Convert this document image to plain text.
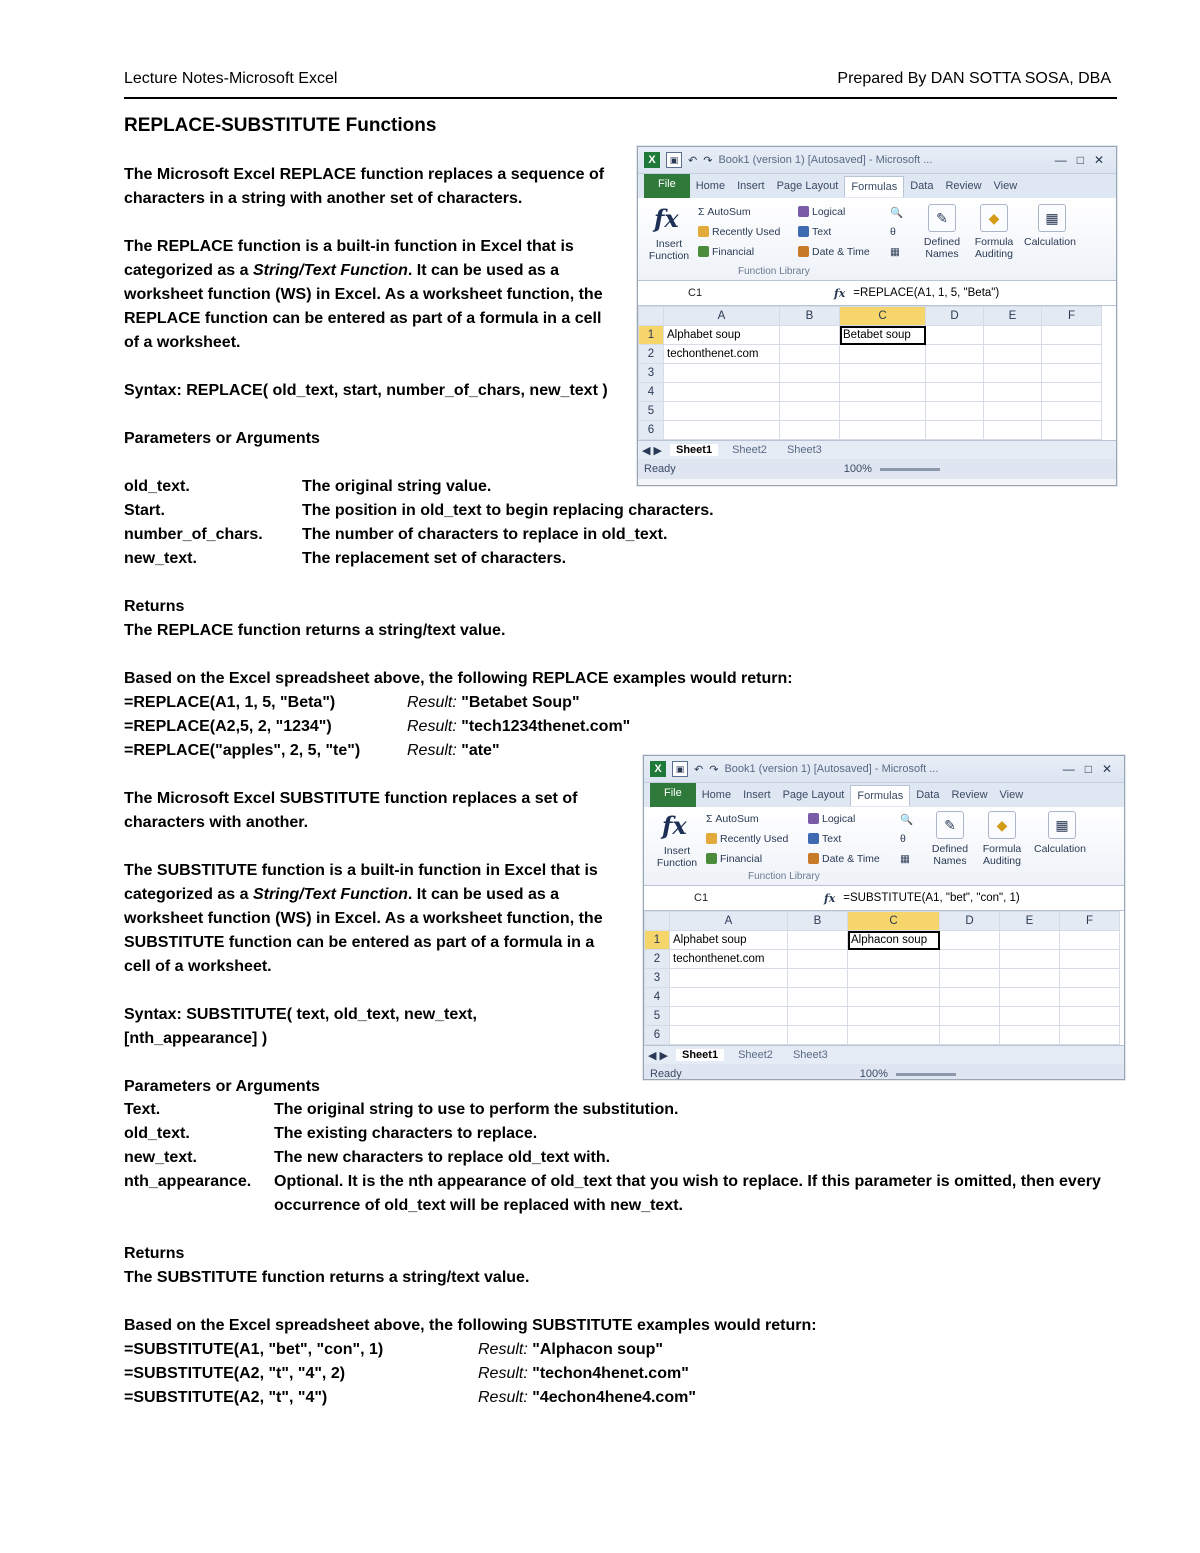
Lecture Notes-Microsoft Excel	Prepared By DAN SOTTA SOSA, DBA
REPLACE-SUBSTITUTE Functions

The Microsoft Excel REPLACE function replaces a sequence of characters in a string with another set of characters.

The REPLACE function is a built-in function in Excel that is categorized as a String/Text Function. It can be used as a worksheet function (WS) in Excel. As a worksheet function, the REPLACE function can be entered as part of a formula in a cell of a worksheet.

Syntax: REPLACE( old_text, start, number_of_chars, new_text )

Parameters or Arguments

old_text.	The original string value.
Start.	The position in old_text to begin replacing characters.
number_of_chars.	The number of characters to replace in old_text.
new_text.	The replacement set of characters.

Returns

The REPLACE function returns a string/text value.

Based on the Excel spreadsheet above, the following REPLACE examples would return:

=REPLACE(A1, 1, 5, "Beta")	Result: "Betabet Soup"
=REPLACE(A2,5, 2, "1234")	Result: "tech1234thenet.com"
=REPLACE("apples", 2, 5, "te")	Result: "ate"

The Microsoft Excel SUBSTITUTE function replaces a set of characters with another.

The SUBSTITUTE function is a built-in function in Excel that is categorized as a String/Text Function. It can be used as a worksheet function (WS) in Excel. As a worksheet function, the SUBSTITUTE function can be entered as part of a formula in a cell of a worksheet.

Syntax: SUBSTITUTE( text, old_text, new_text,

[nth_appearance] )

Parameters or Arguments

Text.	The original string to use to perform the substitution.
old_text.	The existing characters to replace.
new_text.	The new characters to replace old_text with.
nth_appearance.	Optional. It is the nth appearance of old_text that you wish to replace. If this parameter is omitted, then every occurrence of old_text will be replaced with new_text.

Returns

The SUBSTITUTE function returns a string/text value.

Based on the Excel spreadsheet above, the following SUBSTITUTE examples would return:

=SUBSTITUTE(A1, "bet", "con", 1)	Result: "Alphacon soup"
=SUBSTITUTE(A2, "t", "4", 2)	Result: "techon4henet.com"
=SUBSTITUTE(A2, "t", "4")	Result: "4echon4hene4.com"
X	▣ ↶ ↷ Book1 (version 1) [Autosaved] - Microsoft ...	— □ ✕
File	Home	Insert	Page Layout	Formulas	Data	Review	View
fx
Insert Function
Σ AutoSum
Recently Used
Financial
Logical
Text
Date & Time
🔍
θ
▦
✎
Defined Names
◆
Formula Auditing
▦
Calculation
Function Library
C1	fx =REPLACE(A1, 1, 5, "Beta")
	A	B	C	D	E	F
1	Alphabet soup		Betabet soup			
2	techonthenet.com					
3						
4						
5						
6						
◀ ▶	Sheet1	Sheet2	Sheet3
Ready	100%
X	▣ ↶ ↷ Book1 (version 1) [Autosaved] - Microsoft ...	— □ ✕
File	Home	Insert	Page Layout	Formulas	Data	Review	View
fx
Insert Function
Σ AutoSum
Recently Used
Financial
Logical
Text
Date & Time
🔍
θ
▦
✎
Defined Names
◆
Formula Auditing
▦
Calculation
Function Library
C1	fx =SUBSTITUTE(A1, "bet", "con", 1)
	A	B	C	D	E	F
1	Alphabet soup		Alphacon soup			
2	techonthenet.com					
3						
4						
5						
6						
◀ ▶	Sheet1	Sheet2	Sheet3
Ready	100%
